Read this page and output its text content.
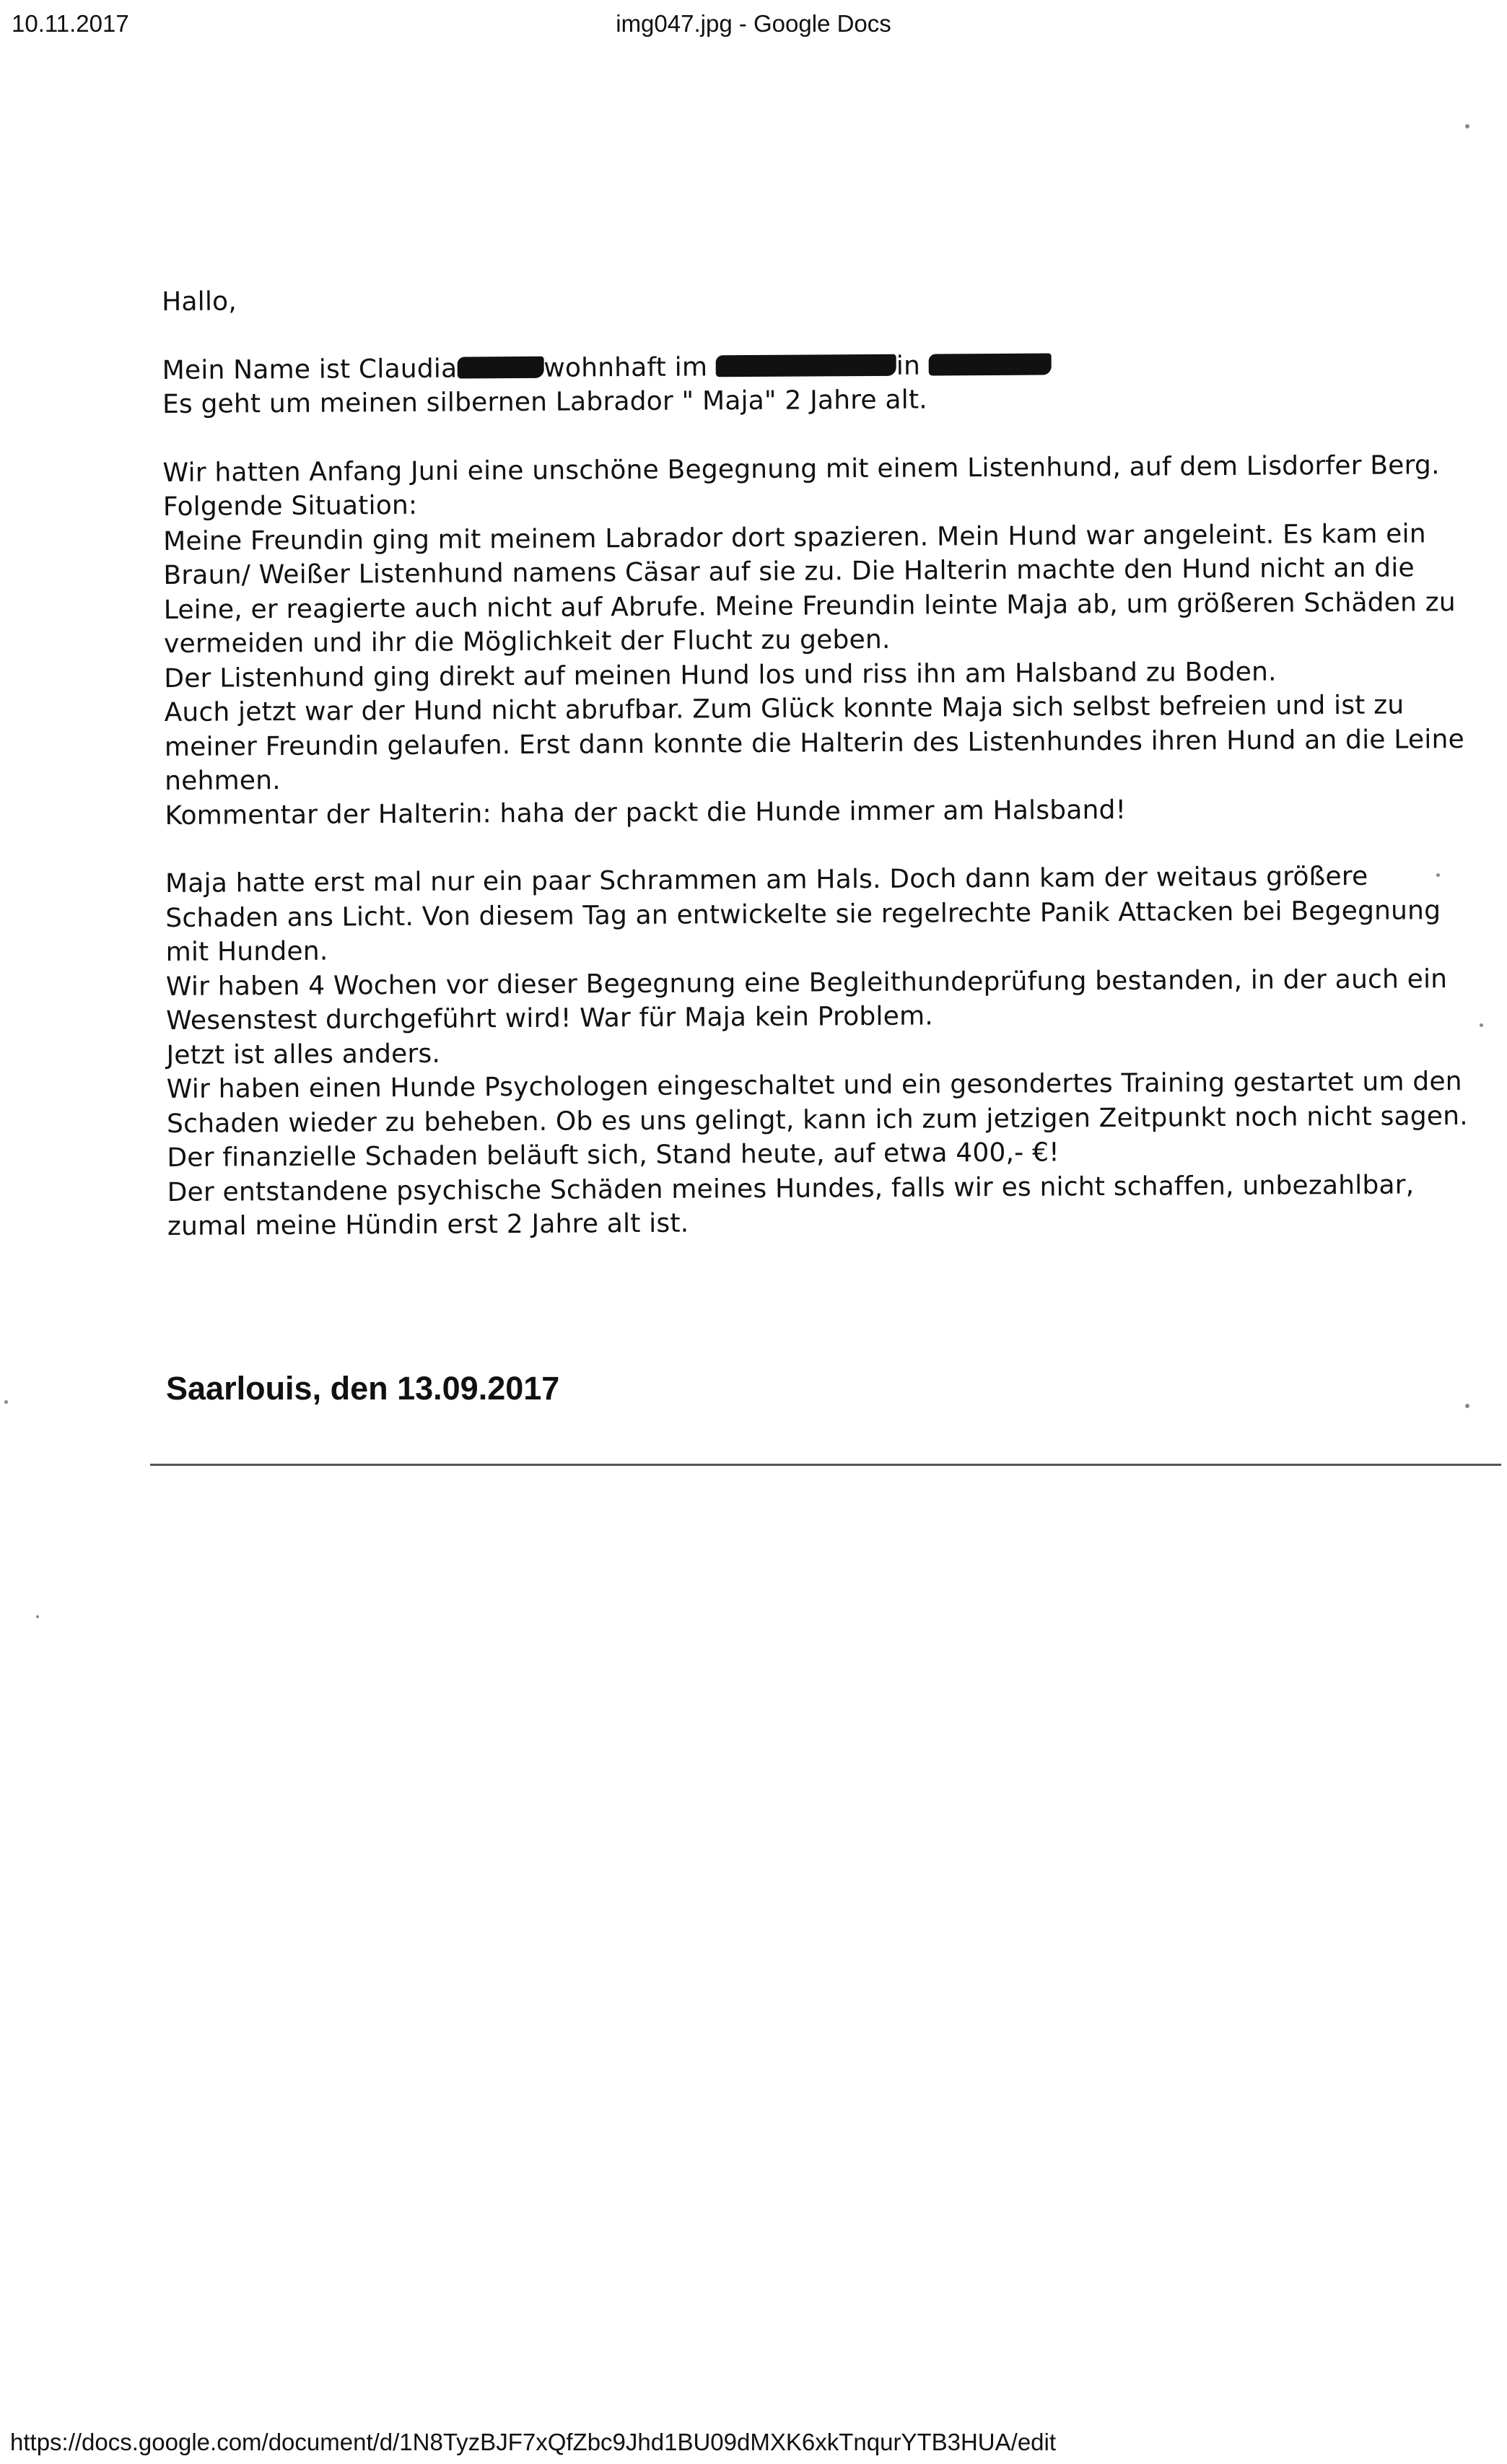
10.11.2017	img047.jpg - Google Docs
Hallo,
Mein Name ist Claudia	wohnhaft im	in
Es geht um meinen silbernen Labrador " Maja" 2 Jahre alt.
Wir hatten Anfang Juni eine unschöne Begegnung mit einem Listenhund, auf dem Lisdorfer Berg.
Folgende Situation:
Meine Freundin ging mit meinem Labrador dort spazieren. Mein Hund war angeleint. Es kam ein
Braun/ Weißer Listenhund namens Cäsar auf sie zu. Die Halterin machte den Hund nicht an die
Leine, er reagierte auch nicht auf Abrufe. Meine Freundin leinte Maja ab, um größeren Schäden zu
vermeiden und ihr die Möglichkeit der Flucht zu geben.
Der Listenhund ging direkt auf meinen Hund los und riss ihn am Halsband zu Boden.
Auch jetzt war der Hund nicht abrufbar. Zum Glück konnte Maja sich selbst befreien und ist zu
meiner Freundin gelaufen. Erst dann konnte die Halterin des Listenhundes ihren Hund an die Leine
nehmen.
Kommentar der Halterin: haha der packt die Hunde immer am Halsband!
Maja hatte erst mal nur ein paar Schrammen am Hals. Doch dann kam der weitaus größere
Schaden ans Licht. Von diesem Tag an entwickelte sie regelrechte Panik Attacken bei Begegnung
mit Hunden.
Wir haben 4 Wochen vor dieser Begegnung eine Begleithundeprüfung bestanden, in der auch ein
Wesenstest durchgeführt wird! War für Maja kein Problem.
Jetzt ist alles anders.
Wir haben einen Hunde Psychologen eingeschaltet und ein gesondertes Training gestartet um den
Schaden wieder zu beheben. Ob es uns gelingt, kann ich zum jetzigen Zeitpunkt noch nicht sagen.
Der finanzielle Schaden beläuft sich, Stand heute, auf etwa 400,- €!
Der entstandene psychische Schäden meines Hundes, falls wir es nicht schaffen, unbezahlbar,
zumal meine Hündin erst 2 Jahre alt ist.
Saarlouis, den 13.09.2017
https://docs.google.com/document/d/1N8TyzBJF7xQfZbc9Jhd1BU09dMXK6xkTnqurYTB3HUA/edit
